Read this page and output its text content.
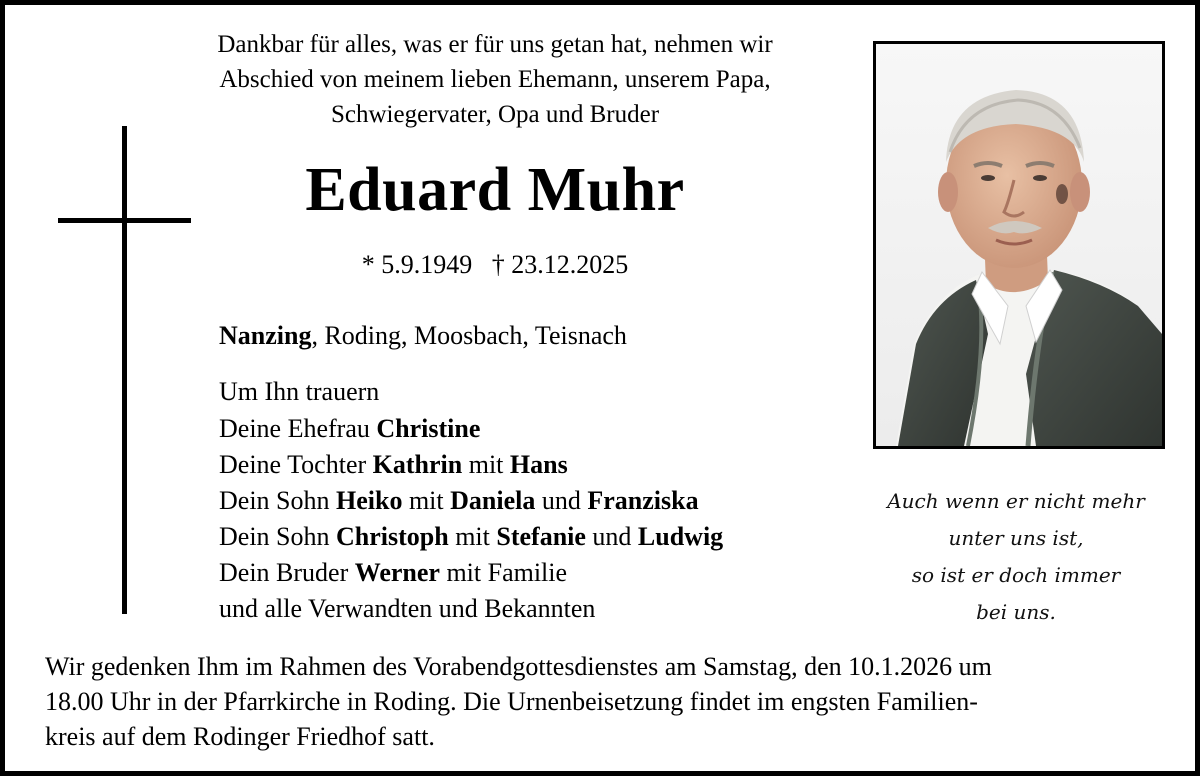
Dankbar für alles, was er für uns getan hat, nehmen wir
Abschied von meinem lieben Ehemann, unserem Papa,
Schwiegervater, Opa und Bruder
Eduard Muhr
* 5.9.1949 † 23.12.2025
Nanzing, Roding, Moosbach, Teisnach
Um Ihn trauern
Deine Ehefrau Christine
Deine Tochter Kathrin mit Hans
Dein Sohn Heiko mit Daniela und Franziska
Dein Sohn Christoph mit Stefanie und Ludwig
Dein Bruder Werner mit Familie
und alle Verwandten und Bekannten
Auch wenn er nicht mehr
unter uns ist,
so ist er doch immer
bei uns.
Wir gedenken Ihm im Rahmen des Vorabendgottesdienstes am Samstag, den 10.1.2026 um
18.00 Uhr in der Pfarrkirche in Roding. Die Urnenbeisetzung findet im engsten Familien-
kreis auf dem Rodinger Friedhof satt.
